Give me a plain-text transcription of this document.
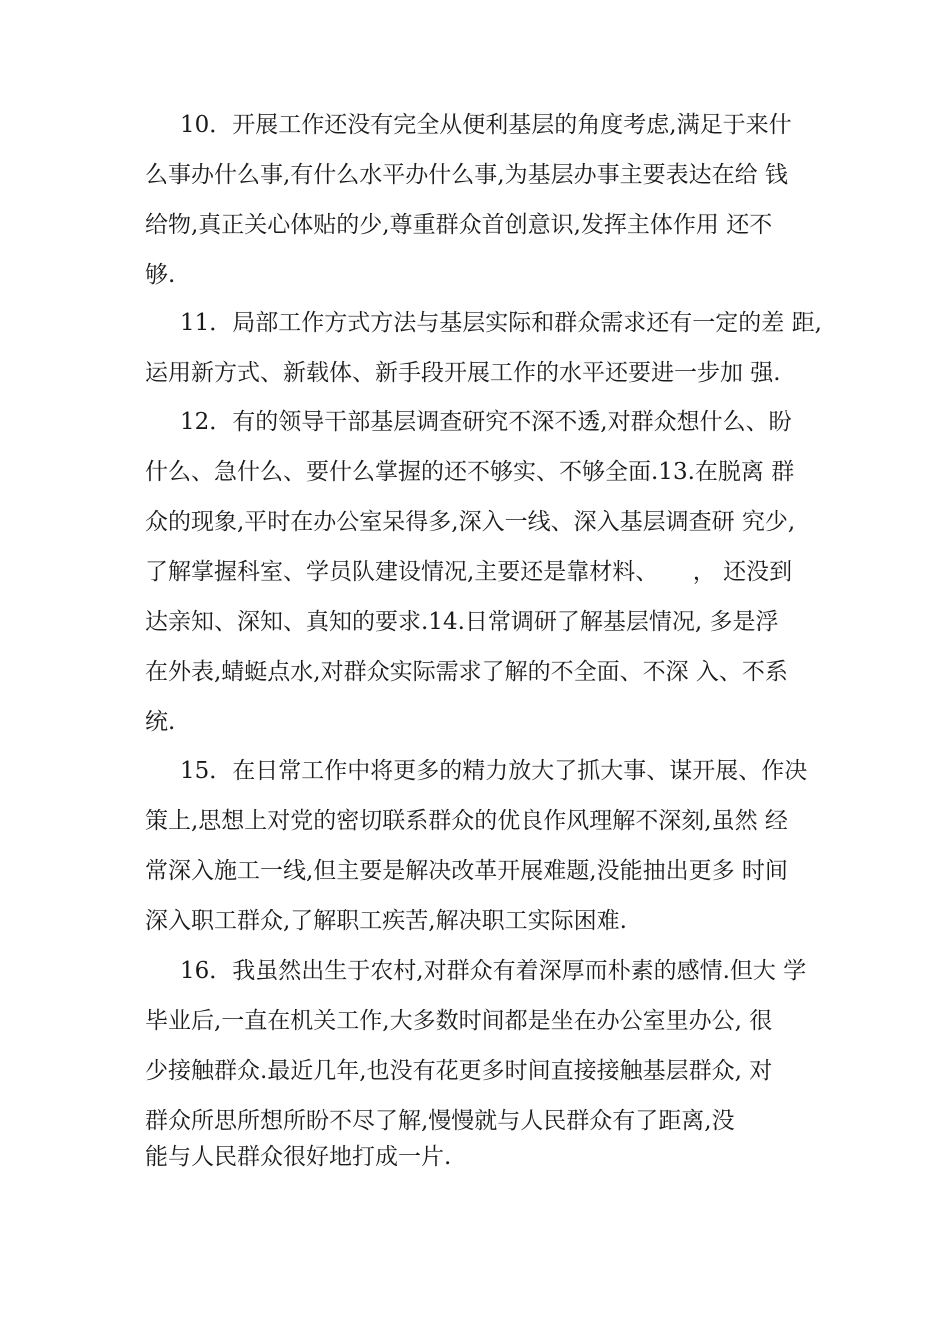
10．开展工作还没有完全从便利基层的角度考虑,满足于来什
么事办什么事,有什么水平办什么事,为基层办事主要表达在给 钱
给物,真正关心体贴的少,尊重群众首创意识,发挥主体作用 还不
够.
11．局部工作方式方法与基层实际和群众需求还有一定的差 距,
运用新方式、新载体、新手段开展工作的水平还要进一步加 强.
12．有的领导干部基层调查研究不深不透,对群众想什么、盼
什么、急什么、要什么掌握的还不够实、不够全面.13.在脱离 群
众的现象,平时在办公室呆得多,深入一线、深入基层调查研 究少,
了解掌握科室、学员队建设情况,主要还是靠材料、　　， 还没到
达亲知、深知、真知的要求.14.日常调研了解基层情况, 多是浮
在外表,蜻蜓点水,对群众实际需求了解的不全面、不深 入、不系
统.
15．在日常工作中将更多的精力放大了抓大事、谋开展、作决
策上,思想上对党的密切联系群众的优良作风理解不深刻,虽然 经
常深入施工一线,但主要是解决改革开展难题,没能抽出更多 时间
深入职工群众,了解职工疾苦,解决职工实际困难.
16．我虽然出生于农村,对群众有着深厚而朴素的感情.但大 学
毕业后,一直在机关工作,大多数时间都是坐在办公室里办公, 很
少接触群众.最近几年,也没有花更多时间直接接触基层群众, 对
群众所思所想所盼不尽了解,慢慢就与人民群众有了距离,没
能与人民群众很好地打成一片.
